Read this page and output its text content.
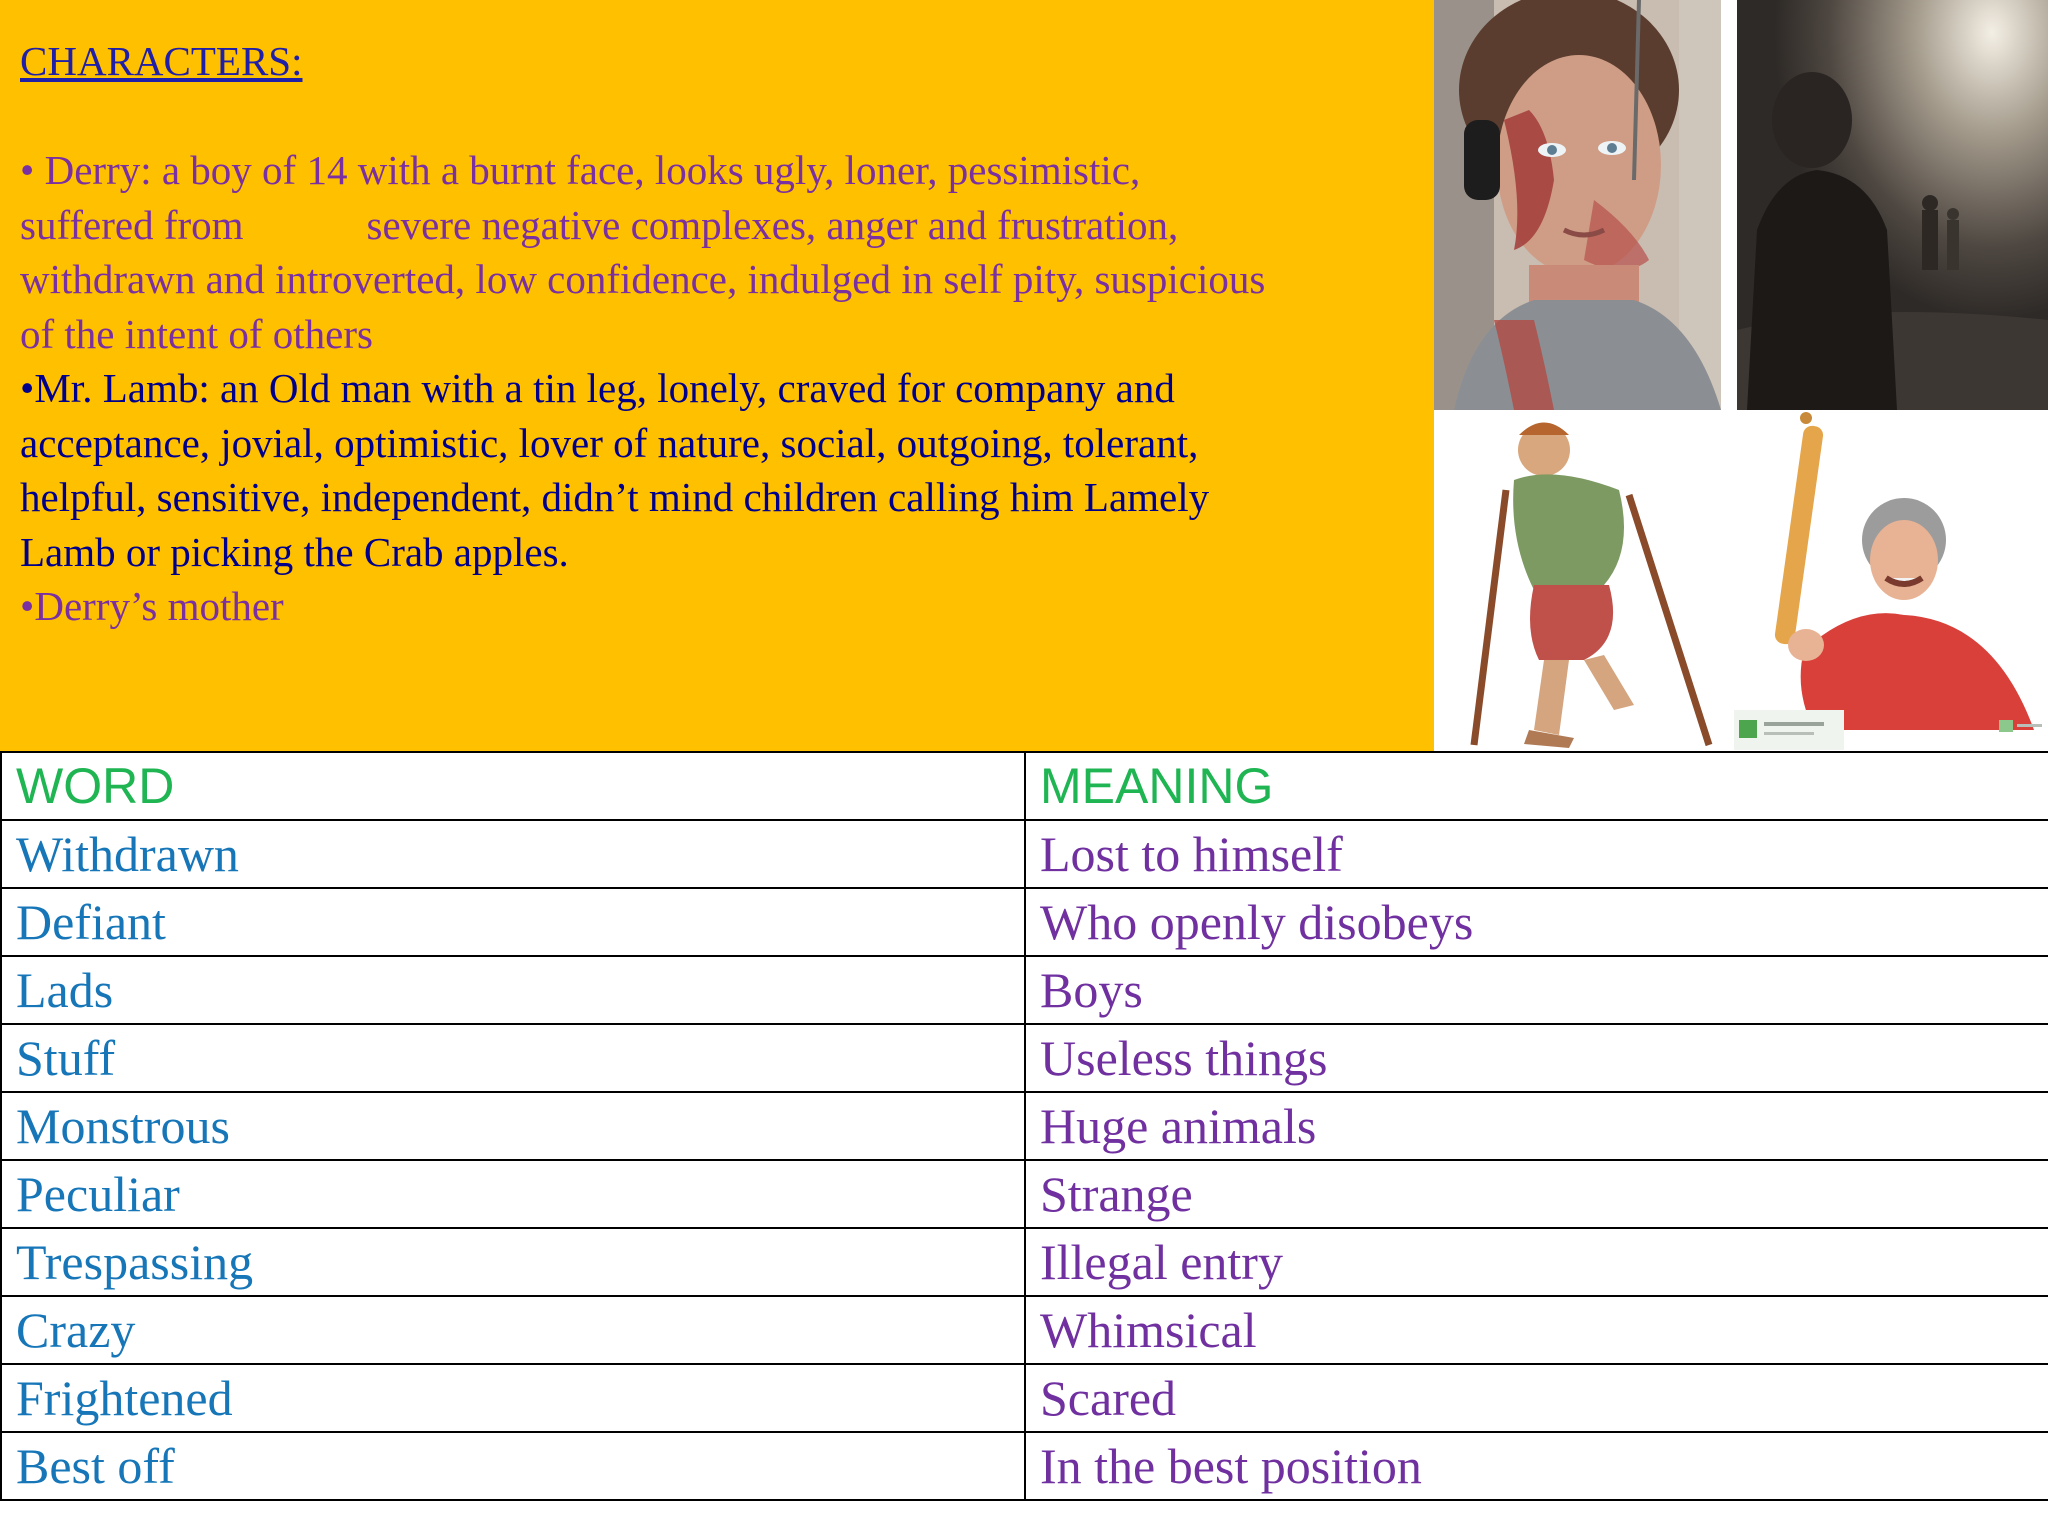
CHARACTERS:
• Derry: a boy of 14 with a burnt face, looks ugly, loner, pessimistic,
suffered from            severe negative complexes, anger and frustration,
withdrawn and introverted, low confidence, indulged in self pity, suspicious
of the intent of others
•Mr. Lamb: an Old man with a tin leg, lonely, craved for company and
acceptance, jovial, optimistic, lover of nature, social, outgoing, tolerant,
helpful, sensitive, independent, didn’t mind children calling him Lamely
Lamb or picking the Crab apples.
•Derry’s mother
WORD	MEANING
Withdrawn	Lost to himself
Defiant	Who openly disobeys
Lads	Boys
Stuff	Useless things
Monstrous	Huge animals
Peculiar	Strange
Trespassing	Illegal entry
Crazy	Whimsical
Frightened	Scared
Best off	In the best position
